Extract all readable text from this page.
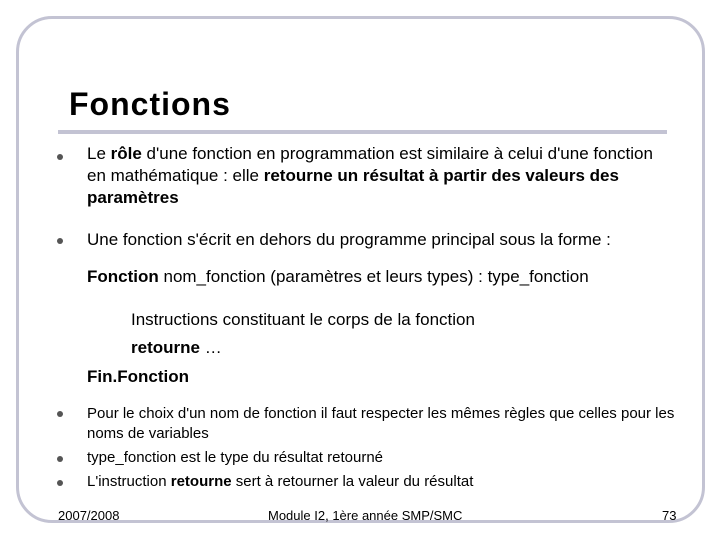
Fonctions
Le rôle d'une fonction en programmation est similaire à celui d'une fonction en mathématique : elle retourne un résultat à partir des valeurs des paramètres
Une fonction s'écrit en dehors du programme principal sous la forme :
Fonction nom_fonction (paramètres et leurs types) : type_fonction
Instructions constituant le corps de la fonction
retourne …
Fin.Fonction
Pour le choix d'un nom de fonction il faut respecter les mêmes règles que celles pour les noms de variables
type_fonction est le type du résultat retourné
L'instruction retourne sert à retourner la valeur du résultat
2007/2008	Module I2, 1ère année SMP/SMC	73
